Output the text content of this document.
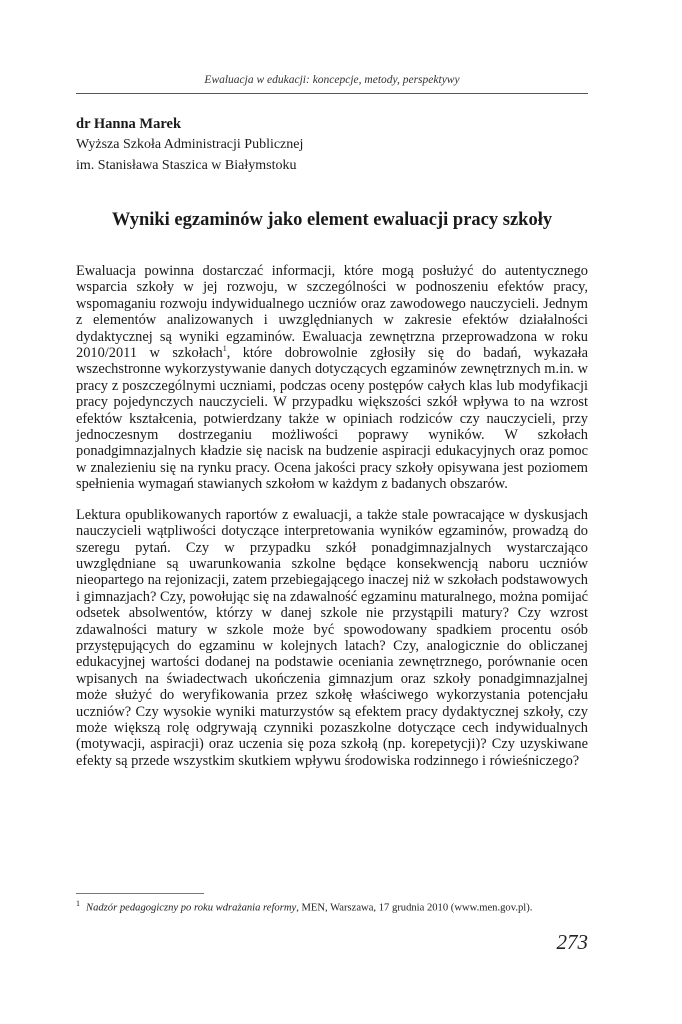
Ewaluacja w edukacji: koncepcje, metody, perspektywy
dr Hanna Marek
Wyższa Szkoła Administracji Publicznej
im. Stanisława Staszica w Białymstoku
Wyniki egzaminów jako element ewaluacji pracy szkoły

Ewaluacja powinna dostarczać informacji, które mogą posłużyć do autentycznego wsparcia szkoły w jej rozwoju, w szczególności w podnoszeniu efektów pracy, wspomaganiu rozwoju indywidualnego uczniów oraz zawodowego nauczycieli. Jednym z elementów analizowanych i uwzględnianych w zakresie efektów działalności dydaktycznej są wyniki egzaminów. Ewaluacja zewnętrzna przeprowadzona w roku 2010/2011 w szkołach$^1$, które dobrowolnie zgłosiły się do badań, wykazała wszechstronne wykorzystywanie danych dotyczących egzaminów zewnętrznych m.in. w pracy z poszczególnymi uczniami, podczas oceny postępów całych klas lub modyfikacji pracy pojedynczych nauczycieli. W przypadku większości szkół wpływa to na wzrost efektów kształcenia, potwierdzany także w opiniach rodziców czy nauczycieli, przy jednoczesnym dostrzeganiu możliwości poprawy wyników. W szkołach ponadgimnazjalnych kładzie się nacisk na budzenie aspiracji edukacyjnych oraz pomoc w znalezieniu się na rynku pracy. Ocena jakości pracy szkoły opisywana jest poziomem spełnienia wymagań stawianych szkołom w każdym z badanych obszarów.

Lektura opublikowanych raportów z ewaluacji, a także stale powracające w dyskusjach nauczycieli wątpliwości dotyczące interpretowania wyników egzaminów, prowadzą do szeregu pytań. Czy w przypadku szkół ponadgimnazjalnych wystarczająco uwzględniane są uwarunkowania szkolne będące konsekwencją naboru uczniów nieopartego na rejonizacji, zatem przebiegającego inaczej niż w szkołach podstawowych i gimnazjach? Czy, powołując się na zdawalność egzaminu maturalnego, można pomijać odsetek absolwentów, którzy w danej szkole nie przystąpili matury? Czy wzrost zdawalności matury w szkole może być spowodowany spadkiem procentu osób przystępujących do egzaminu w kolejnych latach? Czy, analogicznie do obliczanej edukacyjnej wartości dodanej na podstawie oceniania zewnętrznego, porównanie ocen wpisanych na świadectwach ukończenia gimnazjum oraz szkoły ponadgimnazjalnej może służyć do weryfikowania przez szkołę właściwego wykorzystania potencjału uczniów? Czy wysokie wyniki maturzystów są efektem pracy dydaktycznej szkoły, czy może większą rolę odgrywają czynniki pozaszkolne dotyczące cech indywidualnych (motywacji, aspiracji) oraz uczenia się poza szkołą (np. korepetycji)? Czy uzyskiwane efekty są przede wszystkim skutkiem wpływu środowiska rodzinnego i rówieśniczego?

$^1$ Nadzór pedagogiczny po roku wdrażania reformy, MEN, Warszawa, 17 grudnia 2010 (www.men.gov.pl).
273
